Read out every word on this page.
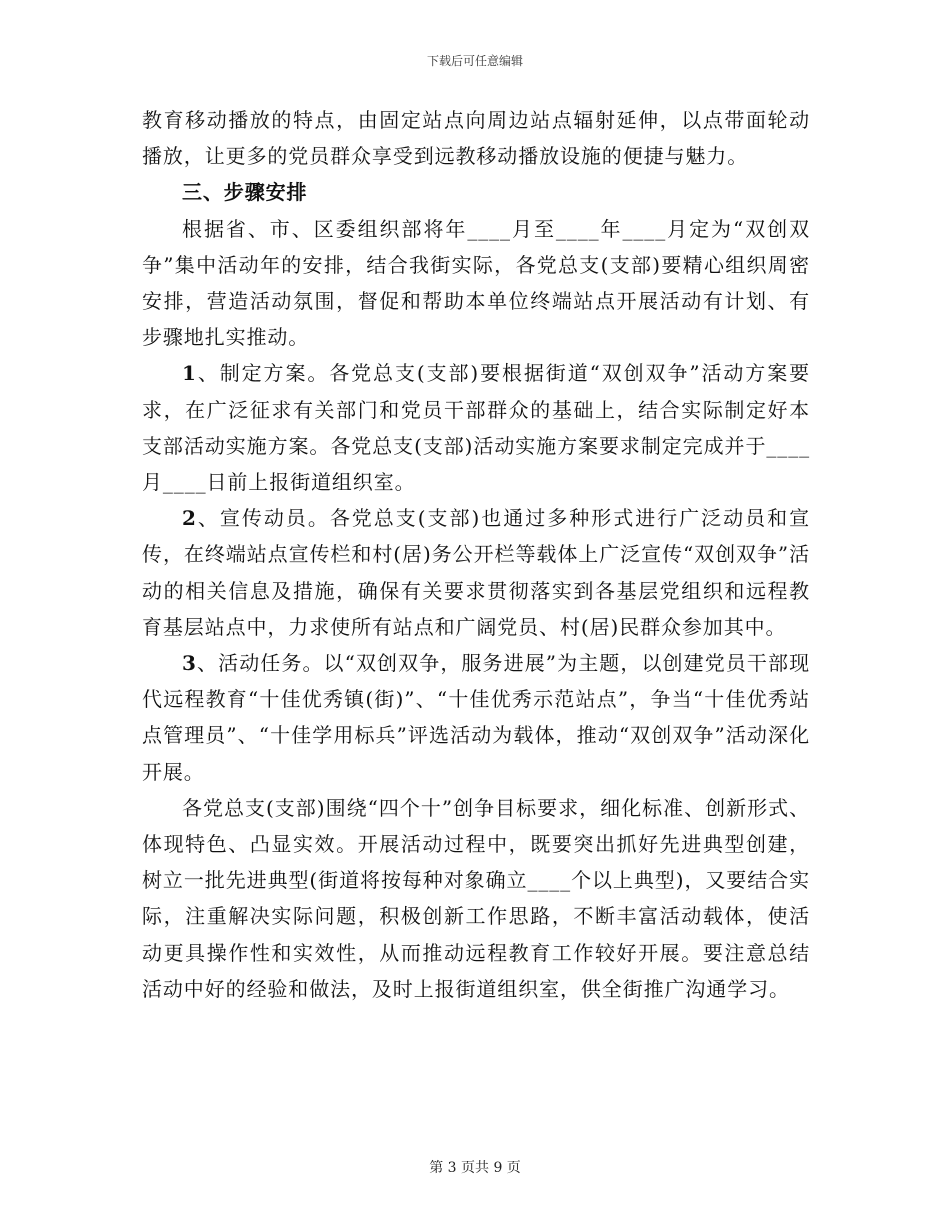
下载后可任意编辑

教育移动播放的特点，由固定站点向周边站点辐射延伸，以点带面轮动播放，让更多的党员群众享受到远教移动播放设施的便捷与魅力。

三、步骤安排

根据省、市、区委组织部将年____月至____年____月定为“双创双争”集中活动年的安排，结合我街实际，各党总支(支部)要精心组织周密安排，营造活动氛围，督促和帮助本单位终端站点开展活动有计划、有步骤地扎实推动。

1、制定方案。各党总支(支部)要根据街道“双创双争”活动方案要求，在广泛征求有关部门和党员干部群众的基础上，结合实际制定好本支部活动实施方案。各党总支(支部)活动实施方案要求制定完成并于____月____日前上报街道组织室。

2、宣传动员。各党总支(支部)也通过多种形式进行广泛动员和宣传，在终端站点宣传栏和村(居)务公开栏等载体上广泛宣传“双创双争”活动的相关信息及措施，确保有关要求贯彻落实到各基层党组织和远程教育基层站点中，力求使所有站点和广阔党员、村(居)民群众参加其中。

3、活动任务。以“双创双争，服务进展”为主题，以创建党员干部现代远程教育“十佳优秀镇(街)”、“十佳优秀示范站点”，争当“十佳优秀站点管理员”、“十佳学用标兵”评选活动为载体，推动“双创双争”活动深化开展。

各党总支(支部)围绕“四个十”创争目标要求，细化标准、创新形式、体现特色、凸显实效。开展活动过程中，既要突出抓好先进典型创建，树立一批先进典型(街道将按每种对象确立____个以上典型)，又要结合实际，注重解决实际问题，积极创新工作思路，不断丰富活动载体，使活动更具操作性和实效性，从而推动远程教育工作较好开展。要注意总结活动中好的经验和做法，及时上报街道组织室，供全街推广沟通学习。

第 3 页共 9 页
